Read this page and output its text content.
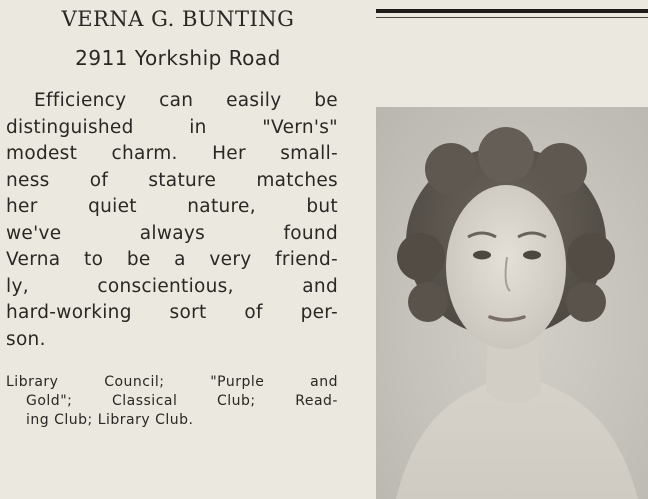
VERNA G. BUNTING
2911 Yorkship Road
Efficiency can easily be
distinguished	in	"Vern's"
modest charm. Her small-
ness of stature matches
her	quiet	nature,	but
we've	always	found
Verna to be a very friend-
ly,	conscientious,	and
hard-working sort of per-
son.
Library	Council;	"Purple	and
Gold";	Classical	Club;	Read-
ing Club; Library Club.
